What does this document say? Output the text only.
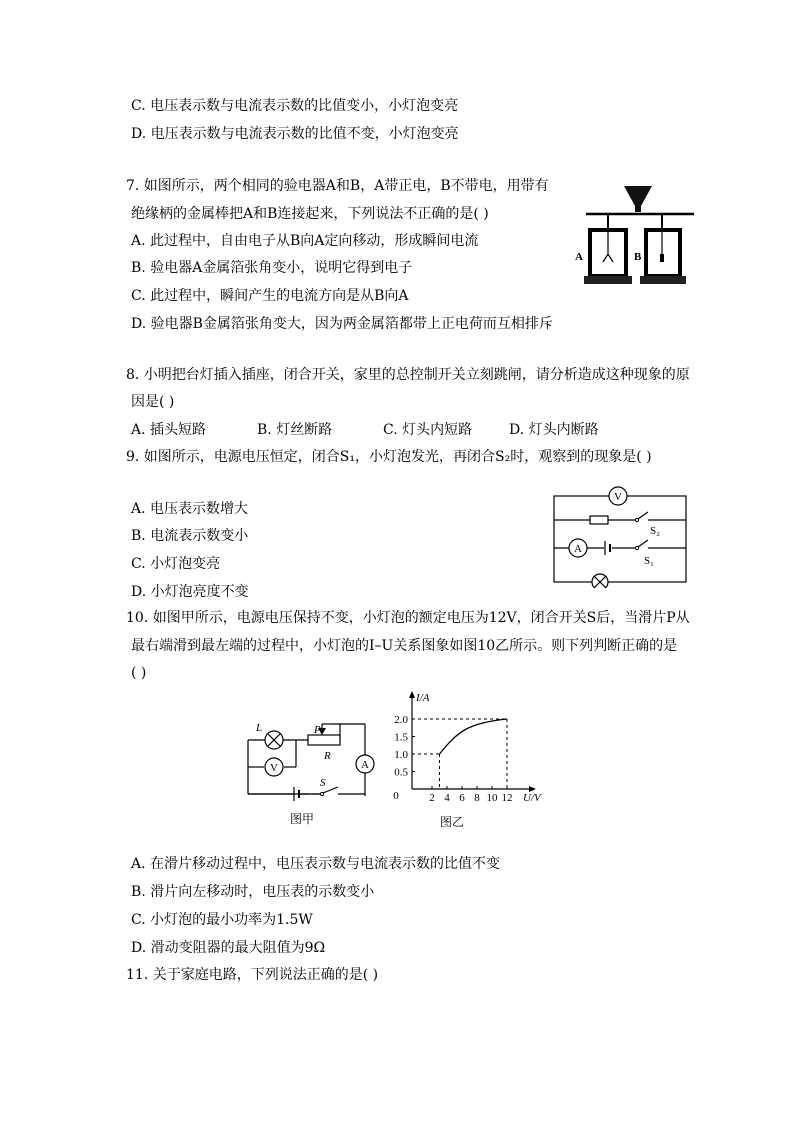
C. 电压表示数与电流表示数的比值变小，小灯泡变亮
D. 电压表示数与电流表示数的比值不变，小灯泡变亮
7. 如图所示，两个相同的验电器A和B，A带正电，B不带电，用带有
绝缘柄的金属棒把A和B连接起来，下列说法不正确的是( )
A. 此过程中，自由电子从B向A定向移动，形成瞬间电流
B. 验电器A金属箔张角变小，说明它得到电子
C. 此过程中，瞬间产生的电流方向是从B向A
D. 验电器B金属箔张角变大，因为两金属箔都带上正电荷而互相排斥
8. 小明把台灯插入插座，闭合开关，家里的总控制开关立刻跳闸，请分析造成这种现象的原
因是( )
A. 插头短路	B. 灯丝断路	C. 灯头内短路	D. 灯头内断路
9. 如图所示，电源电压恒定，闭合S₁，小灯泡发光，再闭合S₂时，观察到的现象是( )
A. 电压表示数增大
B. 电流表示数变小
C. 小灯泡变亮
D. 小灯泡亮度不变
10. 如图甲所示，电源电压保持不变，小灯泡的额定电压为12V，闭合开关S后，当滑片P从
最右端滑到最左端的过程中，小灯泡的I–U关系图象如图10乙所示。则下列判断正确的是
( )
A. 在滑片移动过程中，电压表示数与电流表示数的比值不变
B. 滑片向左移动时，电压表的示数变小
C. 小灯泡的最小功率为1.5W
D. 滑动变阻器的最大阻值为9Ω
11. 关于家庭电路，下列说法正确的是( )
A	B
V
S₂
A
S₁
L
V
P
R
A
S
图甲
I/A
U/V
0
图乙
2.0
1.5
1.0
0.5
2 4 6 8 10 12
